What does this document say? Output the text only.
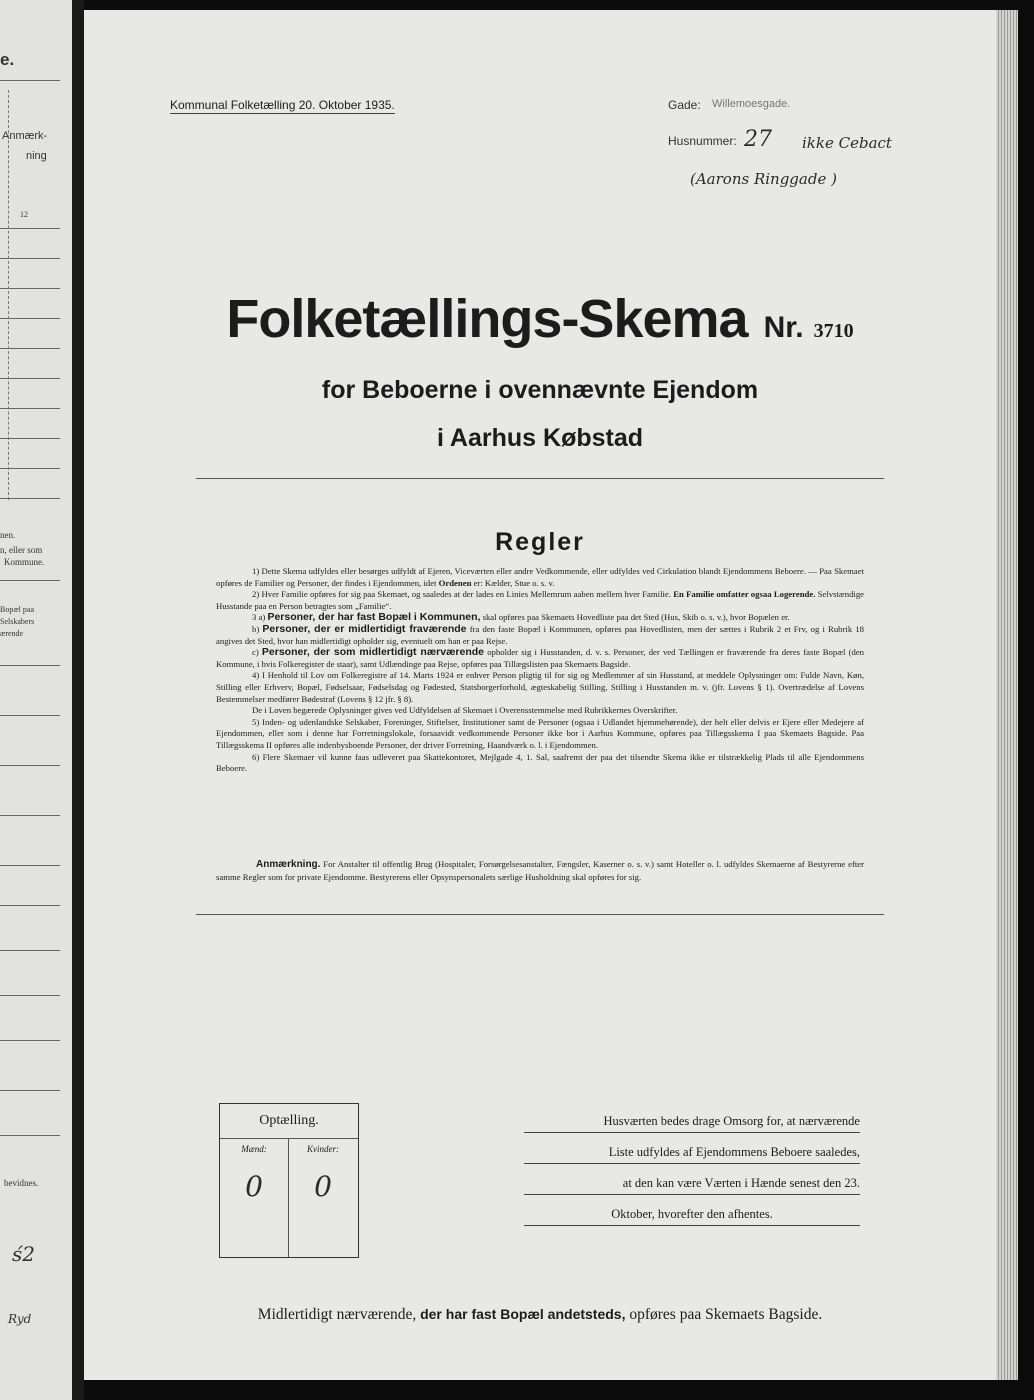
e.
Anmærk-
ning
12
nen.
n, eller som
Kommune.
Bopæl paa
Selskabers
ærende
bevidnes.
ś2
Ryd
Kommunal Folketælling 20. Oktober 1935.	Gade: Willemoesgade.
Husnummer: 27 ikke Cebact
(Aarons Ringgade )
Folketællings-Skema Nr. 3710
for Beboerne i ovennævnte Ejendom
i Aarhus Købstad
Regler

1) Dette Skema udfyldes eller besørges udfyldt af Ejeren, Viceværten eller andre Vedkommende, eller udfyldes ved Cirkulation blandt Ejendommens Beboere. — Paa Skemaet opføres de Familier og Personer, der findes i Ejendommen, idet Ordenen er: Kælder, Stue o. s. v.

2) Hver Familie opføres for sig paa Skemaet, og saaledes at der lades en Linies Mellemrum aaben mellem hver Familie. En Familie omfatter ogsaa Logerende. Selvstændige Husstande paa en Person betragtes som „Familie“.

3 a) Personer, der har fast Bopæl i Kommunen, skal opføres paa Skemaets Hovedliste paa det Sted (Hus, Skib o. s. v.), hvor Bopælen er.

b) Personer, der er midlertidigt fraværende fra den faste Bopæl i Kommunen, opføres paa Hovedlisten, men der sættes i Rubrik 2 et Frv, og i Rubrik 18 angives det Sted, hvor han midlertidigt opholder sig, eventuelt om han er paa Rejse.

c) Personer, der som midlertidigt nærværende opholder sig i Husstanden, d. v. s. Personer, der ved Tællingen er fraværende fra deres faste Bopæl (den Kommune, i hvis Folkeregister de staar), samt Udlændinge paa Rejse, opføres paa Tillægslisten paa Skemaets Bagside.

4) I Henhold til Lov om Folkeregistre af 14. Marts 1924 er enhver Person pligtig til for sig og Medlemmer af sin Husstand, at meddele Oplysninger om: Fulde Navn, Køn, Stilling eller Erhverv, Bopæl, Fødselsaar, Fødselsdag og Fødested, Statsborgerforhold, ægteskabelig Stilling, Stilling i Husstanden m. v. (jfr. Lovens § 1). Overtrædelse af Lovens Bestemmelser medfører Bødestraf (Lovens § 12 jfr. § 8).

De i Loven begærede Oplysninger gives ved Udfyldelsen af Skemaet i Overensstemmelse med Rubrikkernes Overskrifter.

5) Inden- og udenlandske Selskaber, Foreninger, Stiftelser, Institutioner samt de Personer (ogsaa i Udlandet hjemmehørende), der helt eller delvis er Ejere eller Medejere af Ejendommen, eller som i denne har Forretningslokale, forsaavidt vedkommende Personer ikke bor i Aarhus Kommune, opføres paa Tillægsskema I paa Skemaets Bagside. Paa Tillægsskema II opføres alle indenbysboende Personer, der driver Forretning, Haandværk o. l. i Ejendommen.

6) Flere Skemaer vil kunne faas udleveret paa Skattekontoret, Mejlgade 4, 1. Sal, saafremt der paa det tilsendte Skema ikke er tilstrækkelig Plads til alle Ejendommens Beboere.

Anmærkning. For Anstalter til offentlig Brug (Hospitaler, Forsørgelsesanstalter, Fængsler, Kaserner o. s. v.) samt Hoteller o. l. udfyldes Skemaerne af Bestyrerne efter samme Regler som for private Ejendomme. Bestyrerens eller Opsynspersonalets særlige Husholdning skal opføres for sig.

Optælling.
Mænd:
0
Kvinder:
0
Husværten bedes drage Omsorg for, at nærværende
Liste udfyldes af Ejendommens Beboere saaledes,
at den kan være Værten i Hænde senest den 23.
Oktober, hvorefter den afhentes.
Midlertidigt nærværende, der har fast Bopæl andetsteds, opføres paa Skemaets Bagside.
